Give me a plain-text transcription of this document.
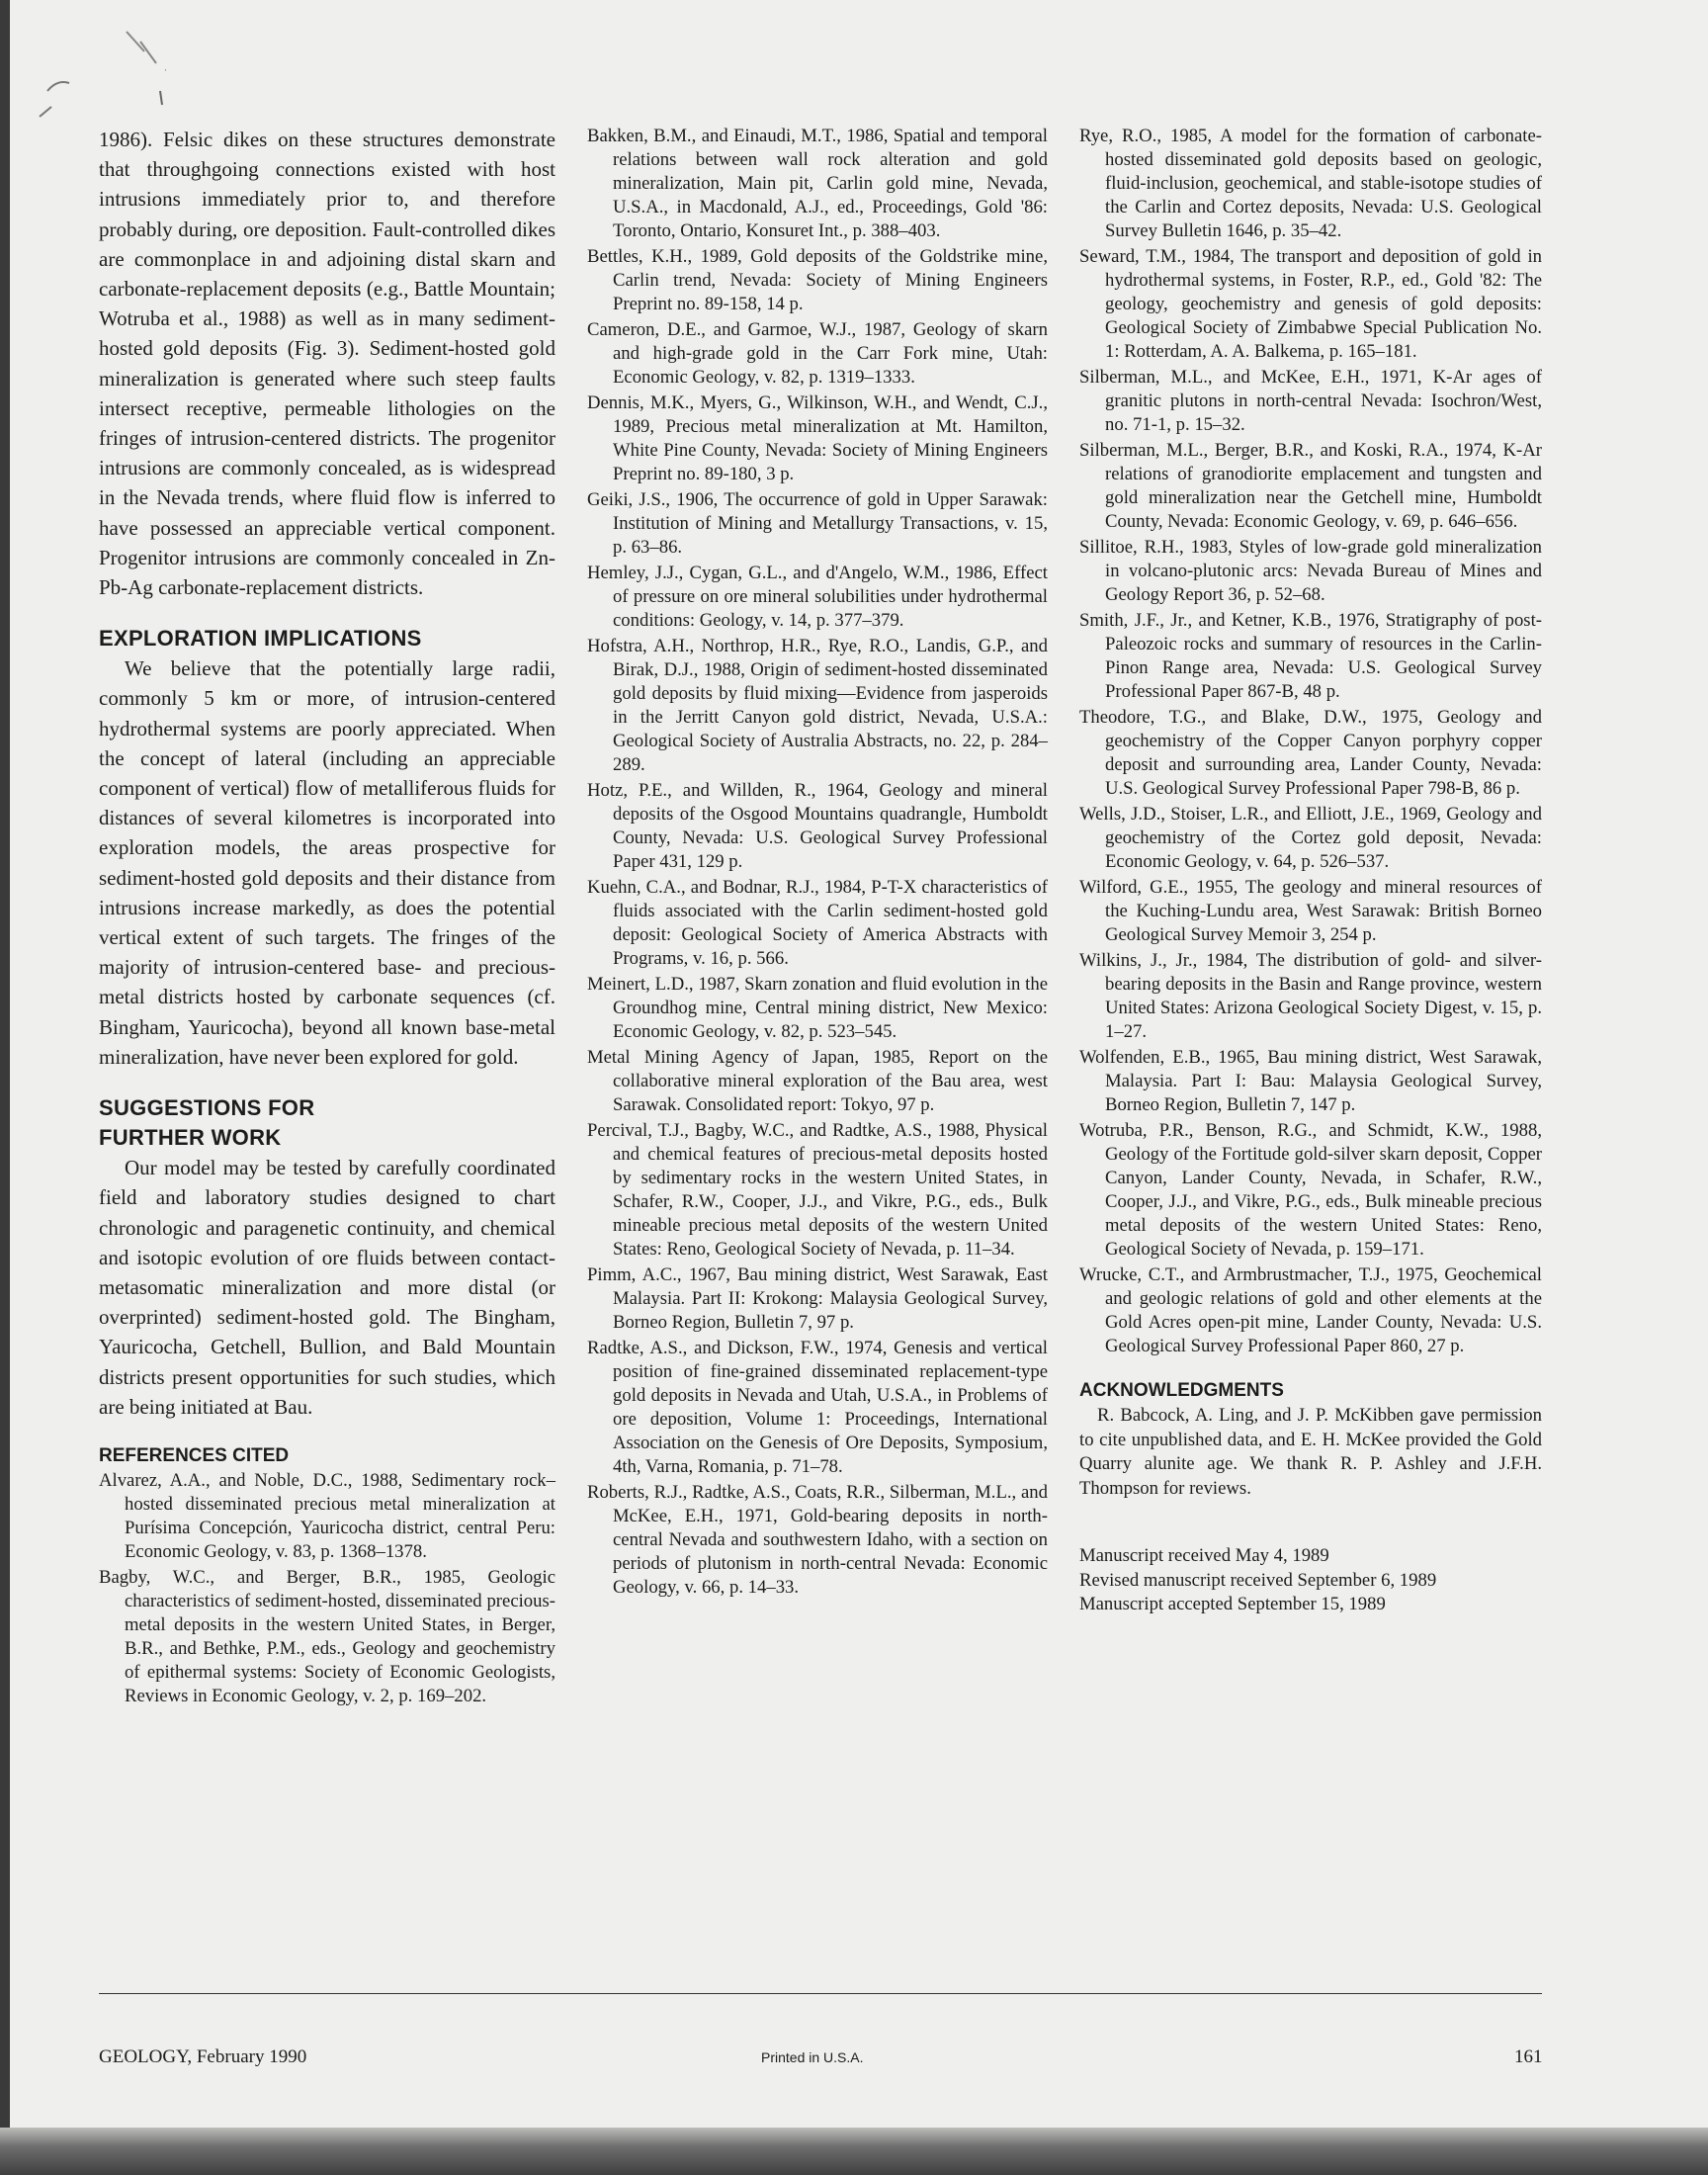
1986). Felsic dikes on these structures demonstrate that throughgoing connections existed with host intrusions immediately prior to, and therefore probably during, ore deposition. Fault-controlled dikes are commonplace in and adjoining distal skarn and carbonate-replacement deposits (e.g., Battle Mountain; Wotruba et al., 1988) as well as in many sediment-hosted gold deposits (Fig. 3). Sediment-hosted gold mineralization is generated where such steep faults intersect receptive, permeable lithologies on the fringes of intrusion-centered districts. The progenitor intrusions are commonly concealed, as is widespread in the Nevada trends, where fluid flow is inferred to have possessed an appreciable vertical component. Progenitor intrusions are commonly concealed in Zn-Pb-Ag carbonate-replacement districts.

EXPLORATION IMPLICATIONS

We believe that the potentially large radii, commonly 5 km or more, of intrusion-centered hydrothermal systems are poorly appreciated. When the concept of lateral (including an appreciable component of vertical) flow of metalliferous fluids for distances of several kilometres is incorporated into exploration models, the areas prospective for sediment-hosted gold deposits and their distance from intrusions increase markedly, as does the potential vertical extent of such targets. The fringes of the majority of intrusion-centered base- and precious-metal districts hosted by carbonate sequences (cf. Bingham, Yauricocha), beyond all known base-metal mineralization, have never been explored for gold.

SUGGESTIONS FOR

FURTHER WORK

Our model may be tested by carefully coordinated field and laboratory studies designed to chart chronologic and paragenetic continuity, and chemical and isotopic evolution of ore fluids between contact-metasomatic mineralization and more distal (or overprinted) sediment-hosted gold. The Bingham, Yauricocha, Getchell, Bullion, and Bald Mountain districts present opportunities for such studies, which are being initiated at Bau.

REFERENCES CITED

Alvarez, A.A., and Noble, D.C., 1988, Sedimentary rock–hosted disseminated precious metal mineralization at Purísima Concepción, Yauricocha district, central Peru: Economic Geology, v. 83, p. 1368–1378.

Bagby, W.C., and Berger, B.R., 1985, Geologic characteristics of sediment-hosted, disseminated precious-metal deposits in the western United States, in Berger, B.R., and Bethke, P.M., eds., Geology and geochemistry of epithermal systems: Society of Economic Geologists, Reviews in Economic Geology, v. 2, p. 169–202.

Bakken, B.M., and Einaudi, M.T., 1986, Spatial and temporal relations between wall rock alteration and gold mineralization, Main pit, Carlin gold mine, Nevada, U.S.A., in Macdonald, A.J., ed., Proceedings, Gold '86: Toronto, Ontario, Konsuret Int., p. 388–403.

Bettles, K.H., 1989, Gold deposits of the Goldstrike mine, Carlin trend, Nevada: Society of Mining Engineers Preprint no. 89-158, 14 p.

Cameron, D.E., and Garmoe, W.J., 1987, Geology of skarn and high-grade gold in the Carr Fork mine, Utah: Economic Geology, v. 82, p. 1319–1333.

Dennis, M.K., Myers, G., Wilkinson, W.H., and Wendt, C.J., 1989, Precious metal mineralization at Mt. Hamilton, White Pine County, Nevada: Society of Mining Engineers Preprint no. 89-180, 3 p.

Geiki, J.S., 1906, The occurrence of gold in Upper Sarawak: Institution of Mining and Metallurgy Transactions, v. 15, p. 63–86.

Hemley, J.J., Cygan, G.L., and d'Angelo, W.M., 1986, Effect of pressure on ore mineral solubilities under hydrothermal conditions: Geology, v. 14, p. 377–379.

Hofstra, A.H., Northrop, H.R., Rye, R.O., Landis, G.P., and Birak, D.J., 1988, Origin of sediment-hosted disseminated gold deposits by fluid mixing—Evidence from jasperoids in the Jerritt Canyon gold district, Nevada, U.S.A.: Geological Society of Australia Abstracts, no. 22, p. 284–289.

Hotz, P.E., and Willden, R., 1964, Geology and mineral deposits of the Osgood Mountains quadrangle, Humboldt County, Nevada: U.S. Geological Survey Professional Paper 431, 129 p.

Kuehn, C.A., and Bodnar, R.J., 1984, P-T-X characteristics of fluids associated with the Carlin sediment-hosted gold deposit: Geological Society of America Abstracts with Programs, v. 16, p. 566.

Meinert, L.D., 1987, Skarn zonation and fluid evolution in the Groundhog mine, Central mining district, New Mexico: Economic Geology, v. 82, p. 523–545.

Metal Mining Agency of Japan, 1985, Report on the collaborative mineral exploration of the Bau area, west Sarawak. Consolidated report: Tokyo, 97 p.

Percival, T.J., Bagby, W.C., and Radtke, A.S., 1988, Physical and chemical features of precious-metal deposits hosted by sedimentary rocks in the western United States, in Schafer, R.W., Cooper, J.J., and Vikre, P.G., eds., Bulk mineable precious metal deposits of the western United States: Reno, Geological Society of Nevada, p. 11–34.

Pimm, A.C., 1967, Bau mining district, West Sarawak, East Malaysia. Part II: Krokong: Malaysia Geological Survey, Borneo Region, Bulletin 7, 97 p.

Radtke, A.S., and Dickson, F.W., 1974, Genesis and vertical position of fine-grained disseminated replacement-type gold deposits in Nevada and Utah, U.S.A., in Problems of ore deposition, Volume 1: Proceedings, International Association on the Genesis of Ore Deposits, Symposium, 4th, Varna, Romania, p. 71–78.

Roberts, R.J., Radtke, A.S., Coats, R.R., Silberman, M.L., and McKee, E.H., 1971, Gold-bearing deposits in north-central Nevada and southwestern Idaho, with a section on periods of plutonism in north-central Nevada: Economic Geology, v. 66, p. 14–33.

Rye, R.O., 1985, A model for the formation of carbonate-hosted disseminated gold deposits based on geologic, fluid-inclusion, geochemical, and stable-isotope studies of the Carlin and Cortez deposits, Nevada: U.S. Geological Survey Bulletin 1646, p. 35–42.

Seward, T.M., 1984, The transport and deposition of gold in hydrothermal systems, in Foster, R.P., ed., Gold '82: The geology, geochemistry and genesis of gold deposits: Geological Society of Zimbabwe Special Publication No. 1: Rotterdam, A. A. Balkema, p. 165–181.

Silberman, M.L., and McKee, E.H., 1971, K-Ar ages of granitic plutons in north-central Nevada: Isochron/West, no. 71-1, p. 15–32.

Silberman, M.L., Berger, B.R., and Koski, R.A., 1974, K-Ar relations of granodiorite emplacement and tungsten and gold mineralization near the Getchell mine, Humboldt County, Nevada: Economic Geology, v. 69, p. 646–656.

Sillitoe, R.H., 1983, Styles of low-grade gold mineralization in volcano-plutonic arcs: Nevada Bureau of Mines and Geology Report 36, p. 52–68.

Smith, J.F., Jr., and Ketner, K.B., 1976, Stratigraphy of post-Paleozoic rocks and summary of resources in the Carlin-Pinon Range area, Nevada: U.S. Geological Survey Professional Paper 867-B, 48 p.

Theodore, T.G., and Blake, D.W., 1975, Geology and geochemistry of the Copper Canyon porphyry copper deposit and surrounding area, Lander County, Nevada: U.S. Geological Survey Professional Paper 798-B, 86 p.

Wells, J.D., Stoiser, L.R., and Elliott, J.E., 1969, Geology and geochemistry of the Cortez gold deposit, Nevada: Economic Geology, v. 64, p. 526–537.

Wilford, G.E., 1955, The geology and mineral resources of the Kuching-Lundu area, West Sarawak: British Borneo Geological Survey Memoir 3, 254 p.

Wilkins, J., Jr., 1984, The distribution of gold- and silver-bearing deposits in the Basin and Range province, western United States: Arizona Geological Society Digest, v. 15, p. 1–27.

Wolfenden, E.B., 1965, Bau mining district, West Sarawak, Malaysia. Part I: Bau: Malaysia Geological Survey, Borneo Region, Bulletin 7, 147 p.

Wotruba, P.R., Benson, R.G., and Schmidt, K.W., 1988, Geology of the Fortitude gold-silver skarn deposit, Copper Canyon, Lander County, Nevada, in Schafer, R.W., Cooper, J.J., and Vikre, P.G., eds., Bulk mineable precious metal deposits of the western United States: Reno, Geological Society of Nevada, p. 159–171.

Wrucke, C.T., and Armbrustmacher, T.J., 1975, Geochemical and geologic relations of gold and other elements at the Gold Acres open-pit mine, Lander County, Nevada: U.S. Geological Survey Professional Paper 860, 27 p.

ACKNOWLEDGMENTS

R. Babcock, A. Ling, and J. P. McKibben gave permission to cite unpublished data, and E. H. McKee provided the Gold Quarry alunite age. We thank R. P. Ashley and J.F.H. Thompson for reviews.

Manuscript received May 4, 1989

Revised manuscript received September 6, 1989

Manuscript accepted September 15, 1989

GEOLOGY, February 1990	Printed in U.S.A.	161
